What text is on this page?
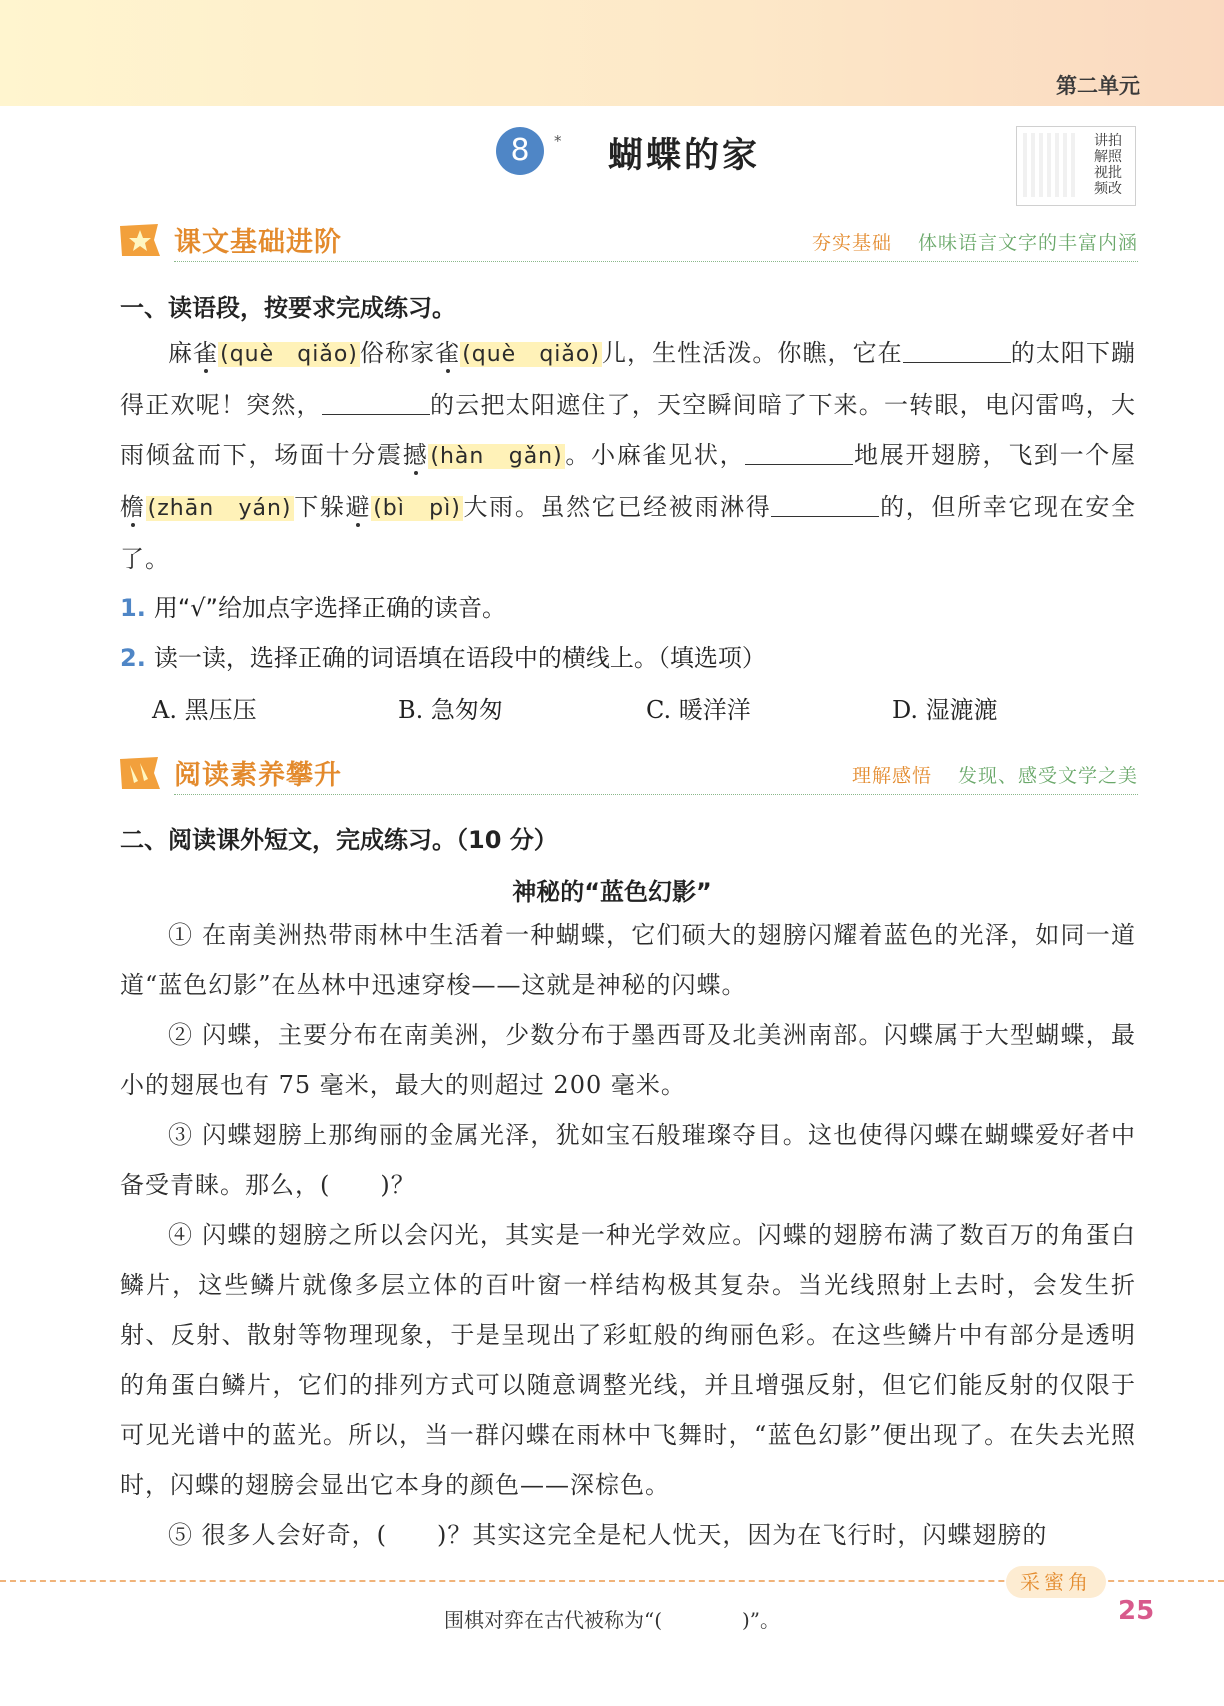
第二单元
8	* 蝴蝶的家	讲拍解照视批频改
课文基础进阶	夯实基础 体味语言文字的丰富内涵
一、读语段，按要求完成练习。
麻雀(què　qiǎo)俗称家雀(què　qiǎo)儿，生性活泼。你瞧，它在	的太阳下蹦得正欢呢！突然，	的云把太阳遮住了，天空瞬间暗了下来。一转眼，电闪雷鸣，大雨倾盆而下，场面十分震撼(hàn　gǎn)。小麻雀见状，	地展开翅膀，飞到一个屋檐(zhān　yán)下躲避(bì　pì)大雨。虽然它已经被雨淋得	的，但所幸它现在安全了。
1. 用“√”给加点字选择正确的读音。
2. 读一读，选择正确的词语填在语段中的横线上。（填选项）
A. 黑压压	B. 急匆匆	C. 暖洋洋	D. 湿漉漉
阅读素养攀升	理解感悟 发现、感受文学之美
二、阅读课外短文，完成练习。（10 分）
神秘的“蓝色幻影”
① 在南美洲热带雨林中生活着一种蝴蝶，它们硕大的翅膀闪耀着蓝色的光泽，如同一道道“蓝色幻影”在丛林中迅速穿梭——这就是神秘的闪蝶。
② 闪蝶，主要分布在南美洲，少数分布于墨西哥及北美洲南部。闪蝶属于大型蝴蝶，最小的翅展也有 75 毫米，最大的则超过 200 毫米。
③ 闪蝶翅膀上那绚丽的金属光泽，犹如宝石般璀璨夺目。这也使得闪蝶在蝴蝶爱好者中备受青睐。那么，(　　)？
④ 闪蝶的翅膀之所以会闪光，其实是一种光学效应。闪蝶的翅膀布满了数百万的角蛋白鳞片，这些鳞片就像多层立体的百叶窗一样结构极其复杂。当光线照射上去时，会发生折射、反射、散射等物理现象，于是呈现出了彩虹般的绚丽色彩。在这些鳞片中有部分是透明的角蛋白鳞片，它们的排列方式可以随意调整光线，并且增强反射，但它们能反射的仅限于可见光谱中的蓝光。所以，当一群闪蝶在雨林中飞舞时，“蓝色幻影”便出现了。在失去光照时，闪蝶的翅膀会显出它本身的颜色——深棕色。
⑤ 很多人会好奇，(　　)？其实这完全是杞人忧天，因为在飞行时，闪蝶翅膀的
采蜜角
围棋对弈在古代被称为“(　　　　)”。	25
